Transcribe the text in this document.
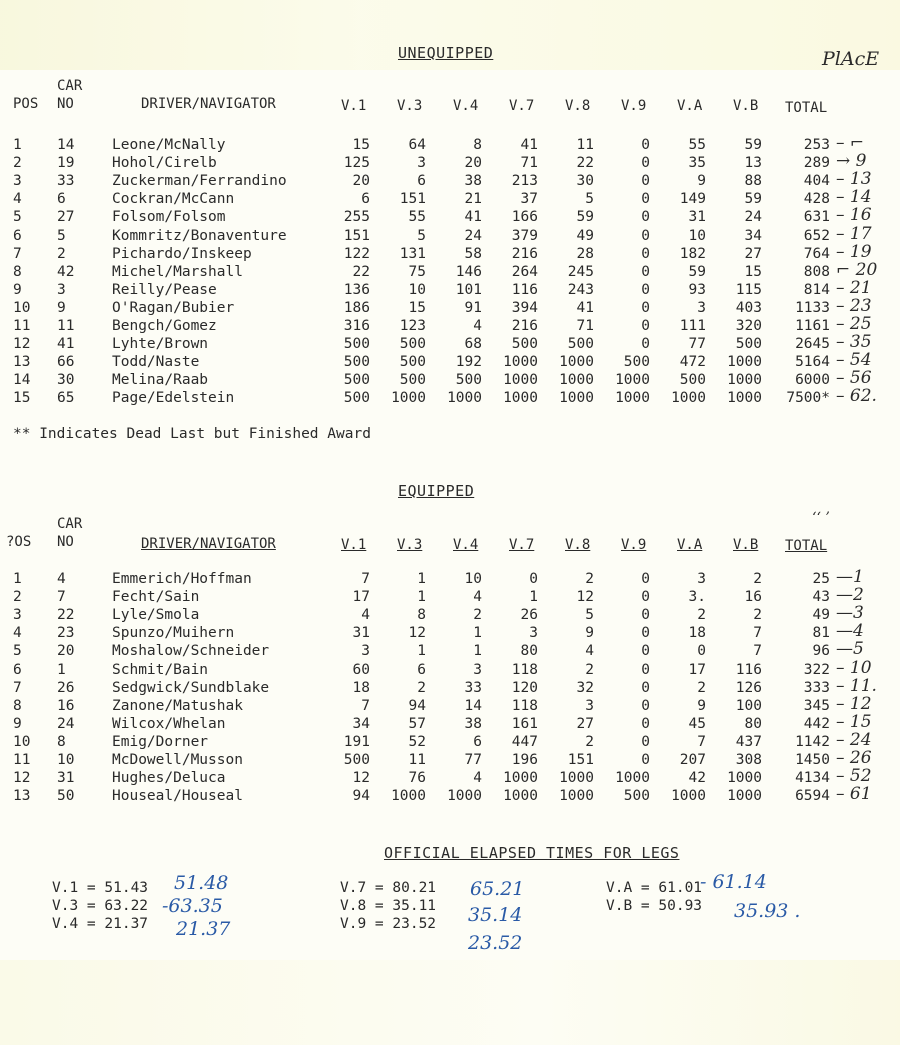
UNEQUIPPED	PlAcE
CAR
POS NO	DRIVER/NAVIGATOR	V.1 V.3 V.4 V.7 V.8 V.9 V.A V.B TOTAL
1 14	Leone/McNally	15	64	8	41	11	0	55	59	253 – ⌐
2 19	Hohol/Cirelb	125	3	20	71	22	0	35	13	289 → 9
3 33	Zuckerman/Ferrandino	20	6	38	213	30	0	9	88	404 – 13
4 6	Cockran/McCann	6	151	21	37	5	0	149	59	428 – 14
5 27	Folsom/Folsom	255	55	41	166	59	0	31	24	631 – 16
6 5	Kommritz/Bonaventure	151	5	24	379	49	0	10	34	652 – 17
7 2	Pichardo/Inskeep	122	131	58	216	28	0	182	27	764 – 19
8 42	Michel/Marshall	22	75	146	264	245	0	59	15	808 ⌐ 20
9 3	Reilly/Pease	136	10	101	116	243	0	93	115	814 – 21
10 9	O'Ragan/Bubier	186	15	91	394	41	0	3	403	1133 – 23
11 11	Bengch/Gomez	316	123	4	216	71	0	111	320	1161 – 25
12 41	Lyhte/Brown	500	500	68	500	500	0	77	500	2645 – 35
13 66	Todd/Naste	500	500	192	1000	1000	500	472	1000	5164 – 54
14 30	Melina/Raab	500	500	500	1000	1000	1000	500	1000	6000 – 56
15 65	Page/Edelstein	500	1000	1000	1000	1000	1000	1000	1000	7500* – 62.
** Indicates Dead Last but Finished Award
EQUIPPED
‘‘ ’
CAR
?OS NO	DRIVER/NAVIGATOR	V.1 V.3 V.4 V.7 V.8 V.9 V.A V.B TOTAL
1 4	Emmerich/Hoffman	7	1	10	0	2	0	3	2	25 —1
2 7	Fecht/Sain	17	1	4	1	12	0	3.	16	43 —2
3 22	Lyle/Smola	4	8	2	26	5	0	2	2	49 —3
4 23	Spunzo/Muihern	31	12	1	3	9	0	18	7	81 —4
5 20	Moshalow/Schneider	3	1	1	80	4	0	0	7	96 —5
6 1	Schmit/Bain	60	6	3	118	2	0	17	116	322 – 10
7 26	Sedgwick/Sundblake	18	2	33	120	32	0	2	126	333 – 11.
8 16	Zanone/Matushak	7	94	14	118	3	0	9	100	345 – 12
9 24	Wilcox/Whelan	34	57	38	161	27	0	45	80	442 – 15
10 8	Emig/Dorner	191	52	6	447	2	0	7	437	1142 – 24
11 10	McDowell/Musson	500	11	77	196	151	0	207	308	1450 – 26
12 31	Hughes/Deluca	12	76	4	1000	1000	1000	42	1000	4134 – 52
13 50	Houseal/Houseal	94	1000	1000	1000	1000	500	1000	1000	6594 – 61
OFFICIAL ELAPSED TIMES FOR LEGS
V.1 = 51.43
V.3 = 63.22
V.4 = 21.37
51.48
-63.35
21.37
V.7 = 80.21
V.8 = 35.11
V.9 = 23.52
65.21
35.14
23.52
V.A = 61.01
V.B = 50.93
- 61.14
35.93 .
